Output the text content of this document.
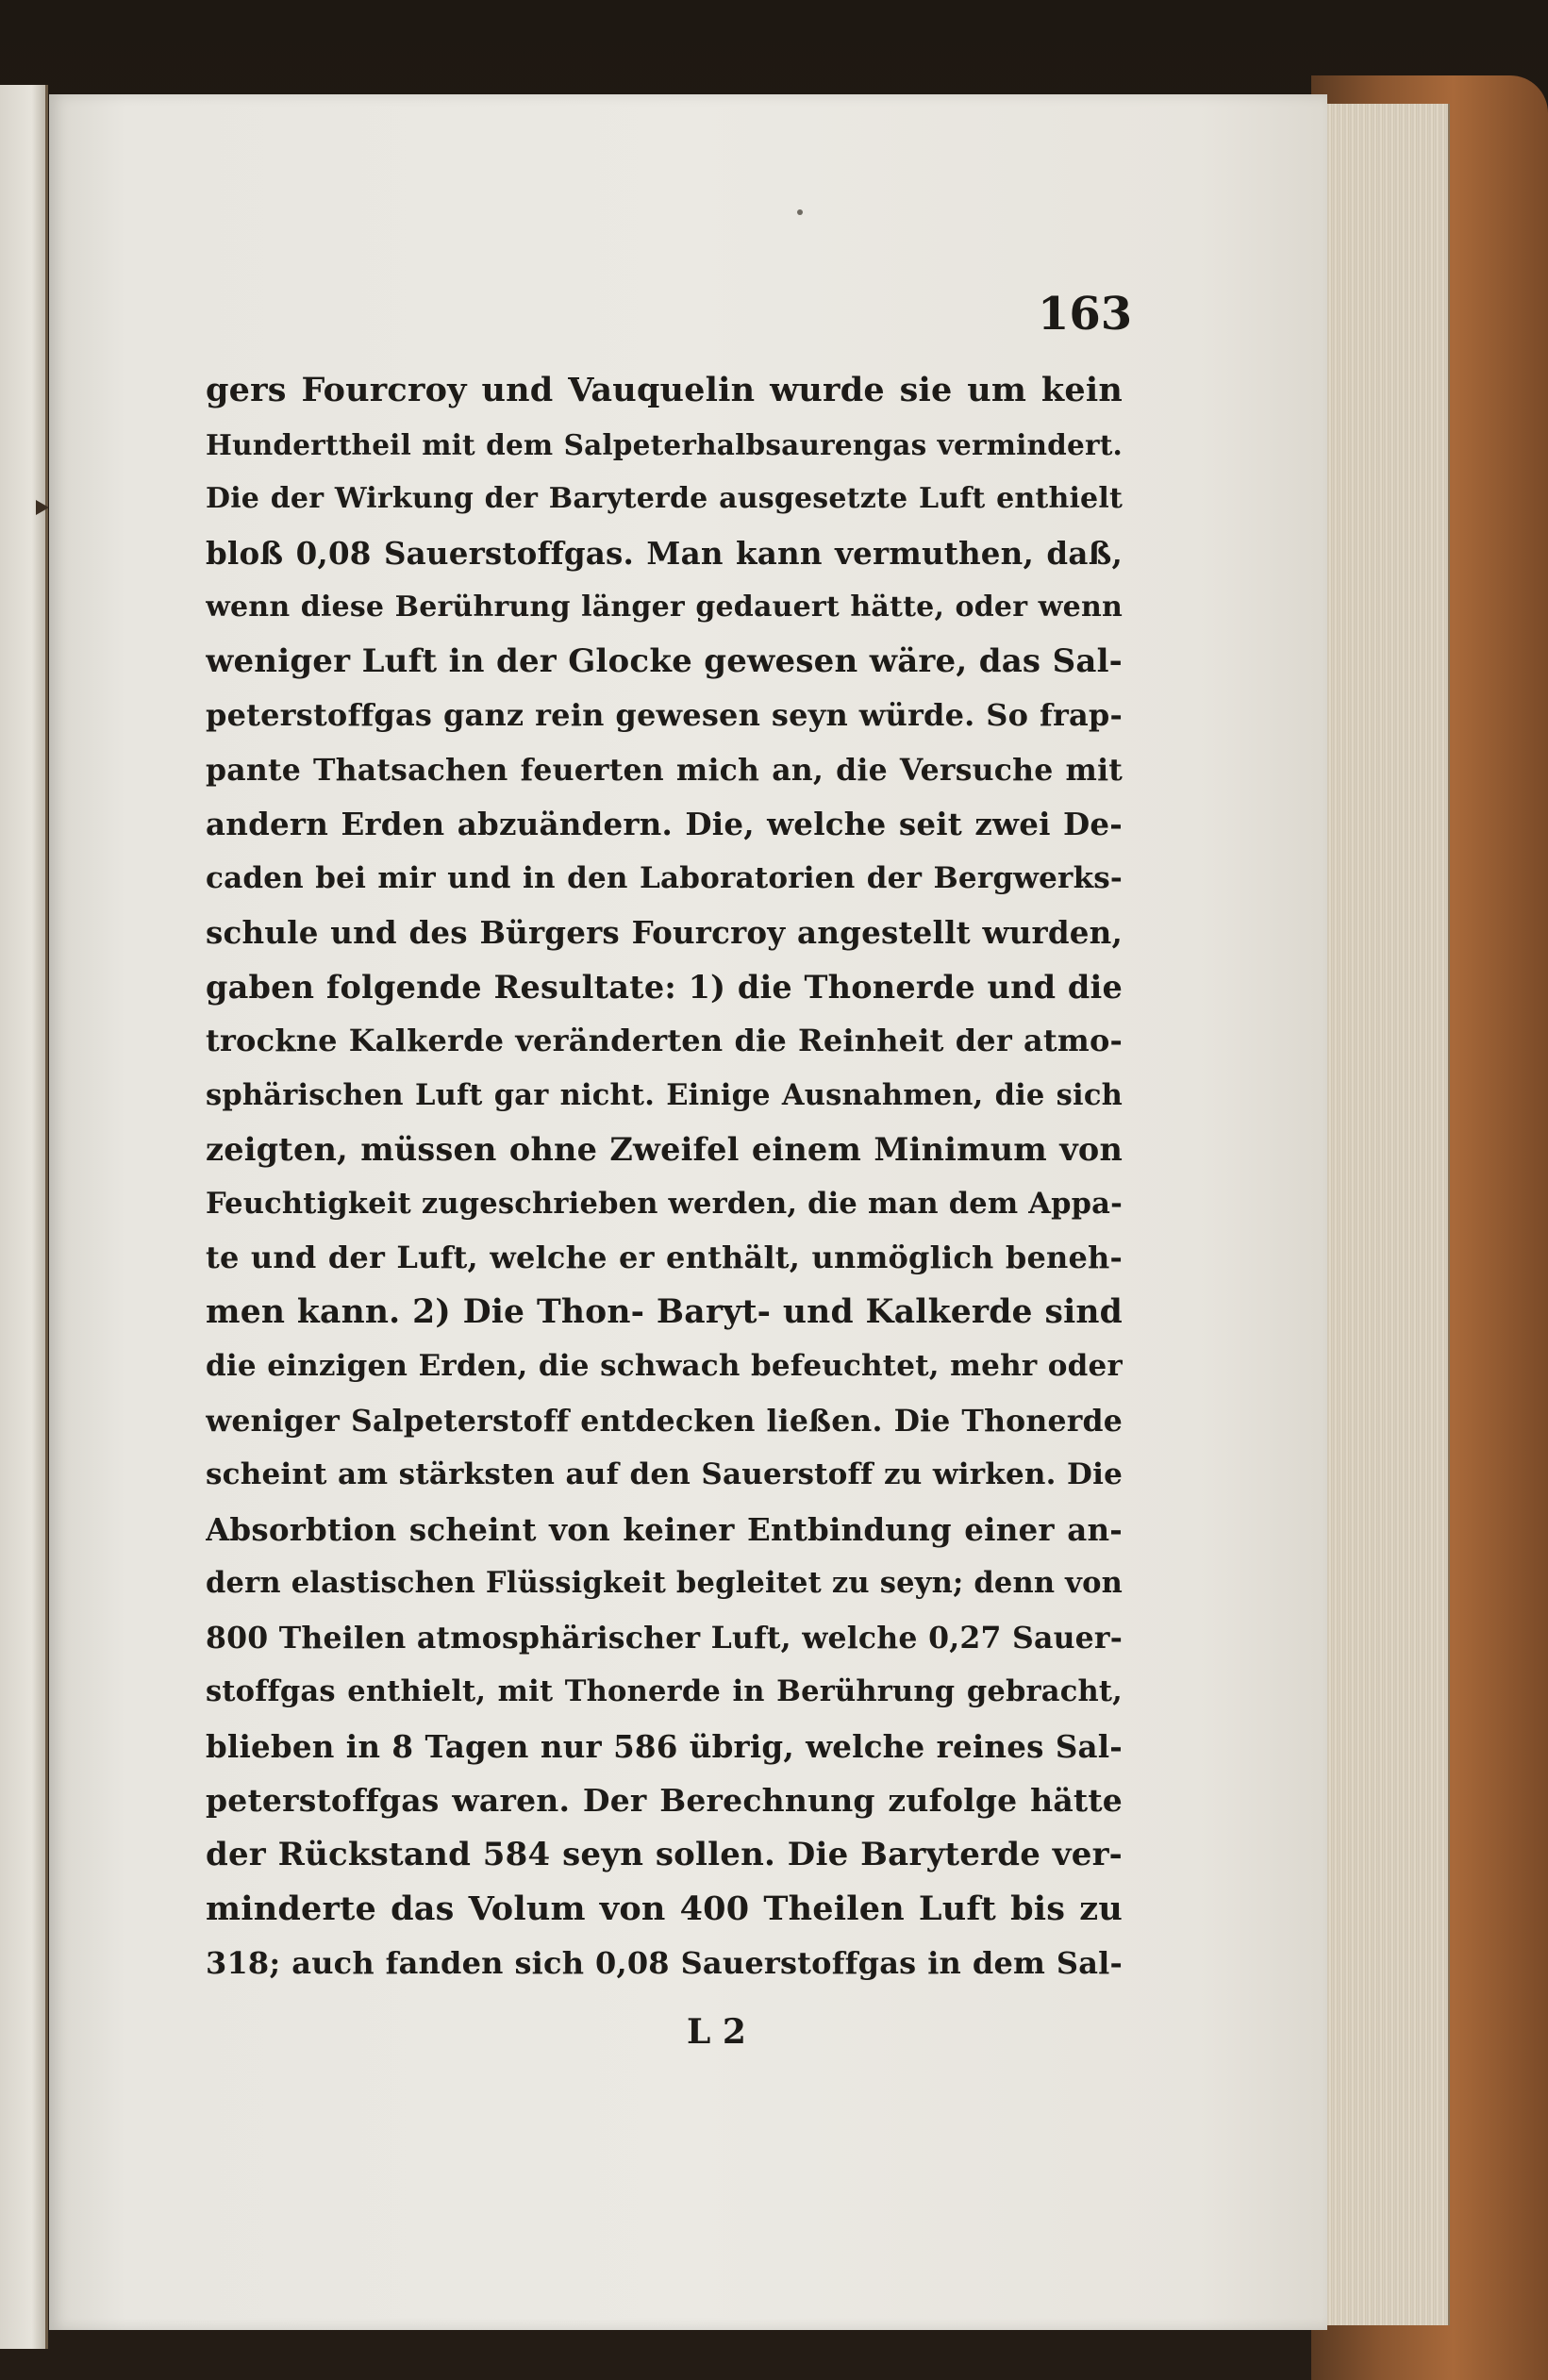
163
gers Fourcroy und Vauquelin wurde sie um kein
Hunderttheil mit dem Salpeterhalbsaurengas vermindert.
Die der Wirkung der Baryterde ausgesetzte Luft enthielt
bloß 0,08 Sauerstoffgas. Man kann vermuthen, daß,
wenn diese Berührung länger gedauert hätte, oder wenn
weniger Luft in der Glocke gewesen wäre, das Sal-
peterstoffgas ganz rein gewesen seyn würde. So frap-
pante Thatsachen feuerten mich an, die Versuche mit
andern Erden abzuändern. Die, welche seit zwei De-
caden bei mir und in den Laboratorien der Bergwerks-
schule und des Bürgers Fourcroy angestellt wurden,
gaben folgende Resultate: 1) die Thonerde und die
trockne Kalkerde veränderten die Reinheit der atmo-
sphärischen Luft gar nicht. Einige Ausnahmen, die sich
zeigten, müssen ohne Zweifel einem Minimum von
Feuchtigkeit zugeschrieben werden, die man dem Appa-
te und der Luft, welche er enthält, unmöglich beneh-
men kann. 2) Die Thon- Baryt- und Kalkerde sind
die einzigen Erden, die schwach befeuchtet, mehr oder
weniger Salpeterstoff entdecken ließen. Die Thonerde
scheint am stärksten auf den Sauerstoff zu wirken. Die
Absorbtion scheint von keiner Entbindung einer an-
dern elastischen Flüssigkeit begleitet zu seyn; denn von
800 Theilen atmosphärischer Luft, welche 0,27 Sauer-
stoffgas enthielt, mit Thonerde in Berührung gebracht,
blieben in 8 Tagen nur 586 übrig, welche reines Sal-
peterstoffgas waren. Der Berechnung zufolge hätte
der Rückstand 584 seyn sollen. Die Baryterde ver-
minderte das Volum von 400 Theilen Luft bis zu
318; auch fanden sich 0,08 Sauerstoffgas in dem Sal-
L 2
